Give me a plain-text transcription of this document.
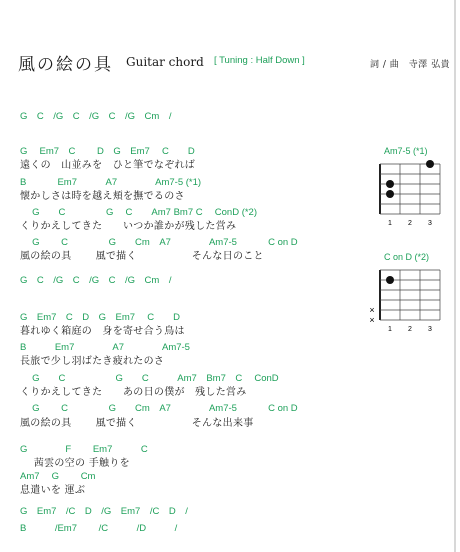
風の絵の具 Guitar chord [ Tuning : Half Down ]	詞 / 曲　寺澤 弘貴
G　C　/G　C　/G　C　/G　Cm　/
G　 Em7　C　　 D　G　Em7　 C　　D
遠くの　山並みを　ひと筆でなぞれば
B　　　 Em7　　　A7　　　　Am7-5 (*1)
懐かしさは時を越え頬を撫でるのさ
　 G　　C　　　　 G　 C　　Am7 Bm7 C　 ConD (*2)
くりかえしてきた　　いつか誰かが残した営み
　 G　　 C　　　　 G　　Cm　A7　　　　Am7-5　　　 C on D
風の絵の具　　 風で描く　　　　　 そんな日のこと
G　C　/G　C　/G　C　/G　Cm　/
G　Em7　C　D　G　Em7　 C　　D
暮れゆく箱庭の　身を寄せ合う鳥は
B　　　Em7　　　　A7　　　　Am7-5
長旅で少し羽ばたき疲れたのさ
　 G　　C　　　　　 G　　C　　　Am7　Bm7　C　 ConD
くりかえしてきた　　あの日の僕が　残した営み
　 G　　 C　　　　 G　　Cm　A7　　　　Am7-5　　　 C on D
風の絵の具　　 風で描く　　　　　 そんな出来事
G　　　　F　　 Em7　　　C
　 茜雲の空の 手触りを
Am7　 G　　 Cm
息遣いを 運ぶ
G　Em7　/C　D　/G　Em7　/C　D　/
B　　　/Em7　　 /C　　　/D　　　/
Am7-5 (*1)
1 2 3
C on D (*2)
1 2 3
×
×
